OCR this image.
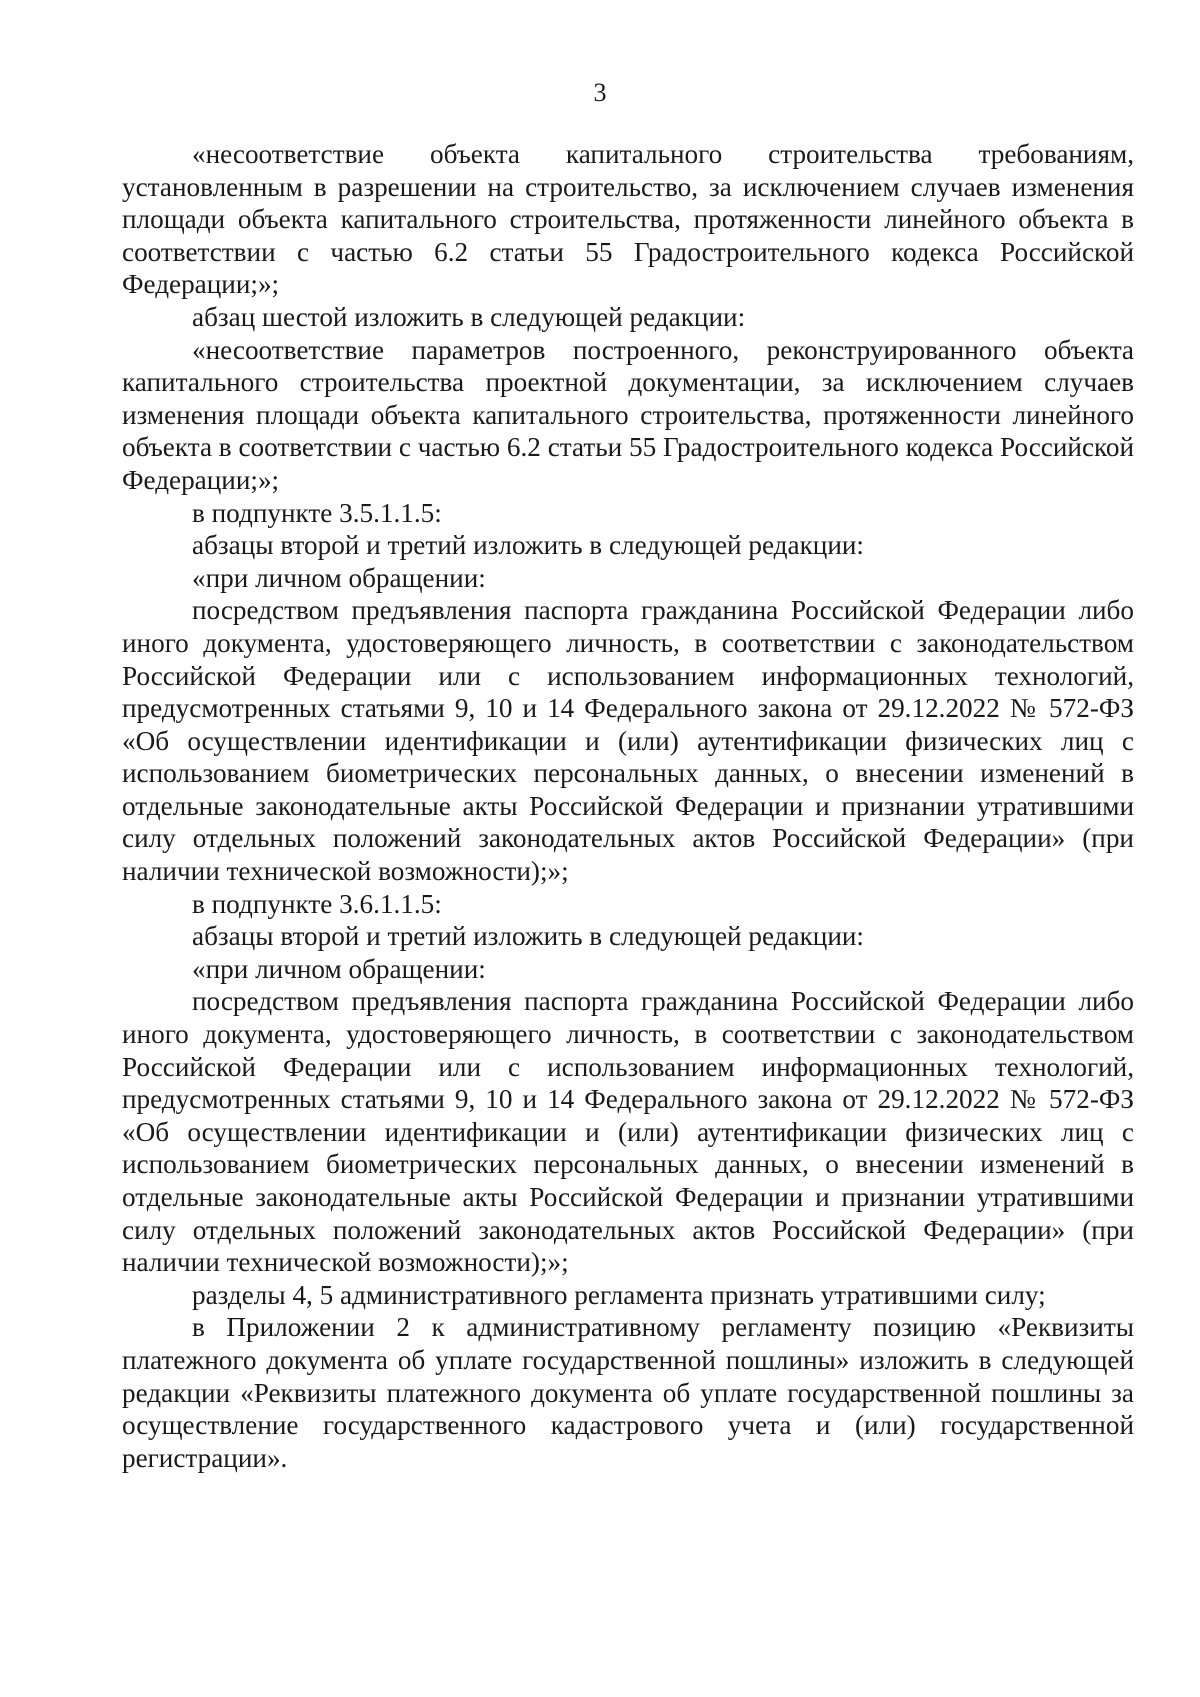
3

«несоответствие объекта капитального строительства требованиям, установленным в разрешении на строительство, за исключением случаев изменения площади объекта капитального строительства, протяженности линейного объекта в соответствии с частью 6.2 статьи 55 Градостроительного кодекса Российской Федерации;»;

абзац шестой изложить в следующей редакции:

«несоответствие параметров построенного, реконструированного объекта капитального строительства проектной документации, за исключением случаев изменения площади объекта капитального строительства, протяженности линейного объекта в соответствии с частью 6.2 статьи 55 Градостроительного кодекса Российской Федерации;»;

в подпункте 3.5.1.1.5:

абзацы второй и третий изложить в следующей редакции:

«при личном обращении:

посредством предъявления паспорта гражданина Российской Федерации либо иного документа, удостоверяющего личность, в соответствии с законодательством Российской Федерации или с использованием информационных технологий, предусмотренных статьями 9, 10 и 14 Федерального закона от 29.12.2022 № 572-ФЗ «Об осуществлении идентификации и (или) аутентификации физических лиц с использованием биометрических персональных данных, о внесении изменений в отдельные законодательные акты Российской Федерации и признании утратившими силу отдельных положений законодательных актов Российской Федерации» (при наличии технической возможности);»;

в подпункте 3.6.1.1.5:

абзацы второй и третий изложить в следующей редакции:

«при личном обращении:

посредством предъявления паспорта гражданина Российской Федерации либо иного документа, удостоверяющего личность, в соответствии с законодательством Российской Федерации или с использованием информационных технологий, предусмотренных статьями 9, 10 и 14 Федерального закона от 29.12.2022 № 572-ФЗ «Об осуществлении идентификации и (или) аутентификации физических лиц с использованием биометрических персональных данных, о внесении изменений в отдельные законодательные акты Российской Федерации и признании утратившими силу отдельных положений законодательных актов Российской Федерации» (при наличии технической возможности);»;

разделы 4, 5 административного регламента признать утратившими силу;

в Приложении 2 к административному регламенту позицию «Реквизиты платежного документа об уплате государственной пошлины» изложить в следующей редакции «Реквизиты платежного документа об уплате государственной пошлины за осуществление государственного кадастрового учета и (или) государственной регистрации».
